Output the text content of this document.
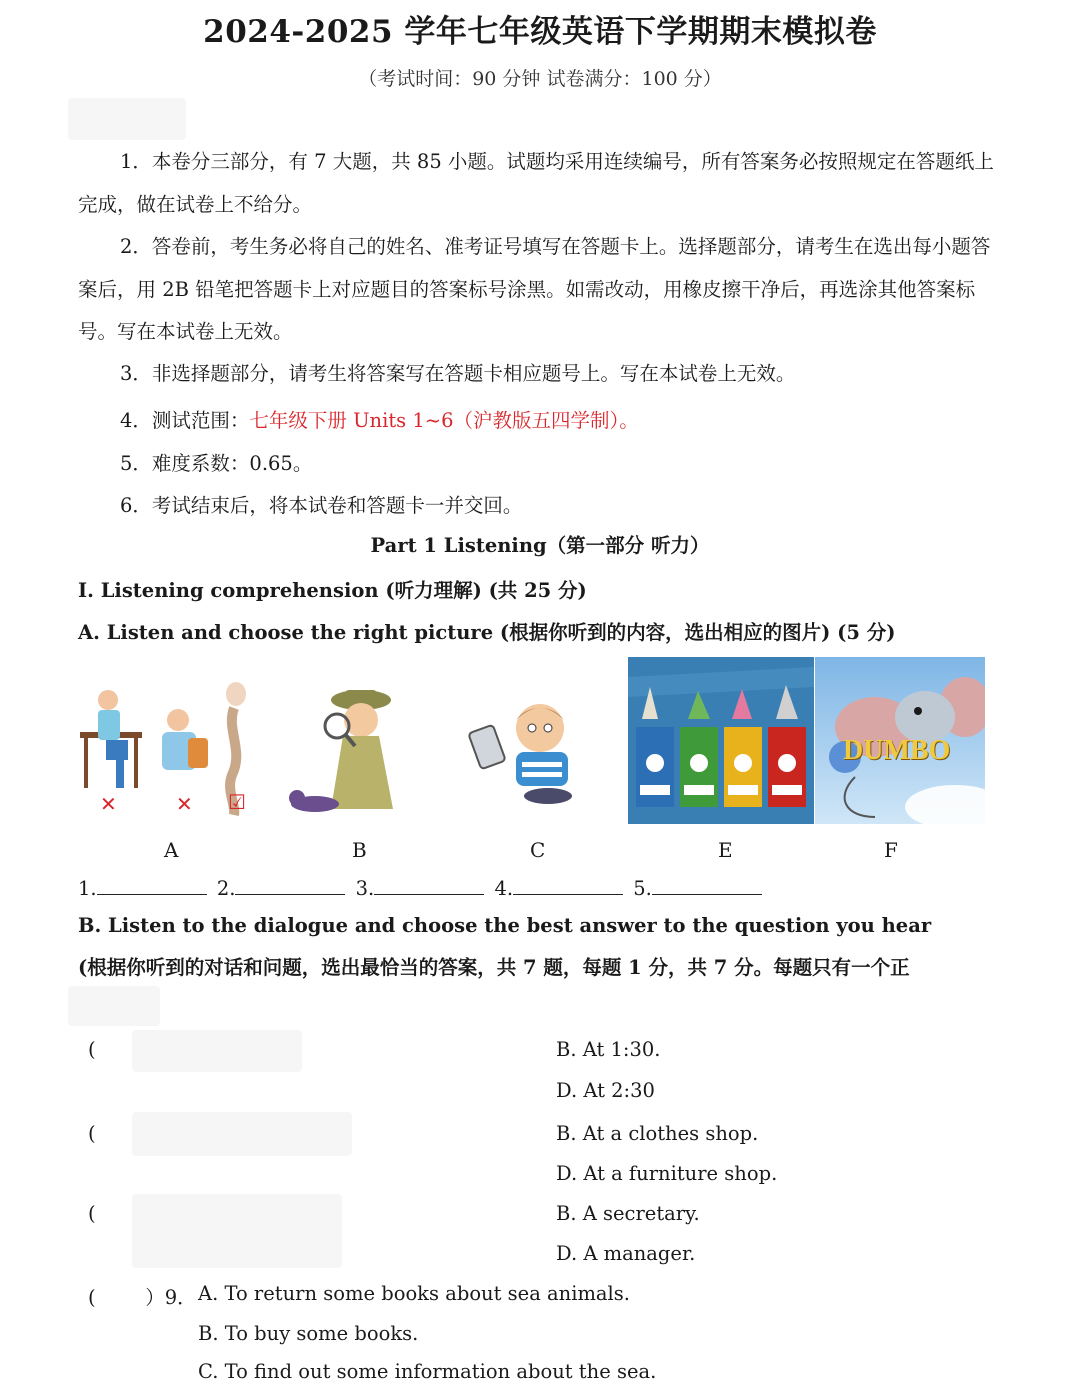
2024-2025 学年七年级英语下学期期末模拟卷
（考试时间：90 分钟 试卷满分：100 分）
1．本卷分三部分，有 7 大题，共 85 小题。试题均采用连续编号，所有答案务必按照规定在答题纸上完成，做在试卷上不给分。
2．答卷前，考生务必将自己的姓名、准考证号填写在答题卡上。选择题部分，请考生在选出每小题答案后，用 2B 铅笔把答题卡上对应题目的答案标号涂黑。如需改动，用橡皮擦干净后，再选涂其他答案标号。写在本试卷上无效。
3．非选择题部分，请考生将答案写在答题卡相应题号上。写在本试卷上无效。
4．测试范围：七年级下册 Units 1~6（沪教版五四学制）。
5．难度系数：0.65。
6．考试结束后，将本试卷和答题卡一并交回。
Part 1 Listening（第一部分 听力）
I. Listening comprehension (听力理解) (共 25 分)
A. Listen and choose the right picture (根据你听到的内容，选出相应的图片) (5 分)
✕	✕ ☑
DUMBO
A	B	C	E	F
1.	2.	3.	4.	5.
B. Listen to the dialogue and choose the best answer to the question you hear
(根据你听到的对话和问题，选出最恰当的答案，共 7 题，每题 1 分，共 7 分。每题只有一个正
(	B. At 1:30.
D. At 2:30
(	B. At a clothes shop.
D. At a furniture shop.
(	B. A secretary.
D. A manager.
(        ）9． A. To return some books about sea animals.
B. To buy some books.
C. To find out some information about the sea.
